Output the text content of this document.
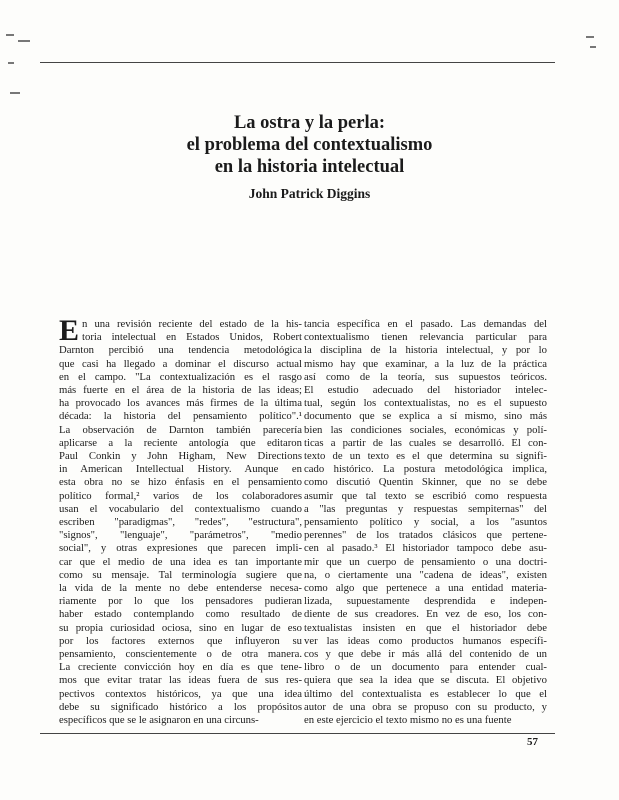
La ostra y la perla:
el problema del contextualismo
en la historia intelectual
John Patrick Diggins
E n una revisión reciente del estado de la his-
toria intelectual en Estados Unidos, Robert
Darnton percibió una tendencia metodológica
que casi ha llegado a dominar el discurso actual
en el campo. "La contextualización es el rasgo
más fuerte en el área de la historia de las ideas;
ha provocado los avances más firmes de la última
década: la historia del pensamiento político".¹
La observación de Darnton también parecería
aplicarse a la reciente antología que editaron
Paul Conkin y John Higham, New Directions
in American Intellectual History. Aunque en
esta obra no se hizo énfasis en el pensamiento
político formal,² varios de los colaboradores
usan el vocabulario del contextualismo cuando
escriben "paradigmas", "redes", "estructura",
"signos", "lenguaje", "parámetros", "medio
social", y otras expresiones que parecen impli-
car que el medio de una idea es tan importante
como su mensaje. Tal terminología sugiere que
la vida de la mente no debe entenderse necesa-
riamente por lo que los pensadores pudieran
haber estado contemplando como resultado de
su propia curiosidad ociosa, sino en lugar de eso
por los factores externos que influyeron su
pensamiento, conscientemente o de otra manera.
La creciente convicción hoy en día es que tene-
mos que evitar tratar las ideas fuera de sus res-
pectivos contextos históricos, ya que una idea
debe su significado histórico a los propósitos
específicos que se le asignaron en una circuns-
tancia específica en el pasado. Las demandas del
contextualismo tienen relevancia particular para
la disciplina de la historia intelectual, y por lo
mismo hay que examinar, a la luz de la práctica
así como de la teoría, sus supuestos teóricos.
El estudio adecuado del historiador intelec-
tual, según los contextualistas, no es el supuesto
documento que se explica a sí mismo, sino más
bien las condiciones sociales, económicas y polí-
ticas a partir de las cuales se desarrolló. El con-
texto de un texto es el que determina su signifi-
cado histórico. La postura metodológica implica,
como discutió Quentin Skinner, que no se debe
asumir que tal texto se escribió como respuesta
a "las preguntas y respuestas sempiternas" del
pensamiento político y social, a los "asuntos
perennes" de los tratados clásicos que pertene-
cen al pasado.³ El historiador tampoco debe asu-
mir que un cuerpo de pensamiento o una doctri-
na, o ciertamente una "cadena de ideas", existen
como algo que pertenece a una entidad materia-
lizada, supuestamente desprendida e indepen-
diente de sus creadores. En vez de eso, los con-
textualistas insisten en que el historiador debe
ver las ideas como productos humanos específi-
cos y que debe ir más allá del contenido de un
libro o de un documento para entender cual-
quiera que sea la idea que se discuta. El objetivo
último del contextualista es establecer lo que el
autor de una obra se propuso con su producto, y
en este ejercicio el texto mismo no es una fuente
57
